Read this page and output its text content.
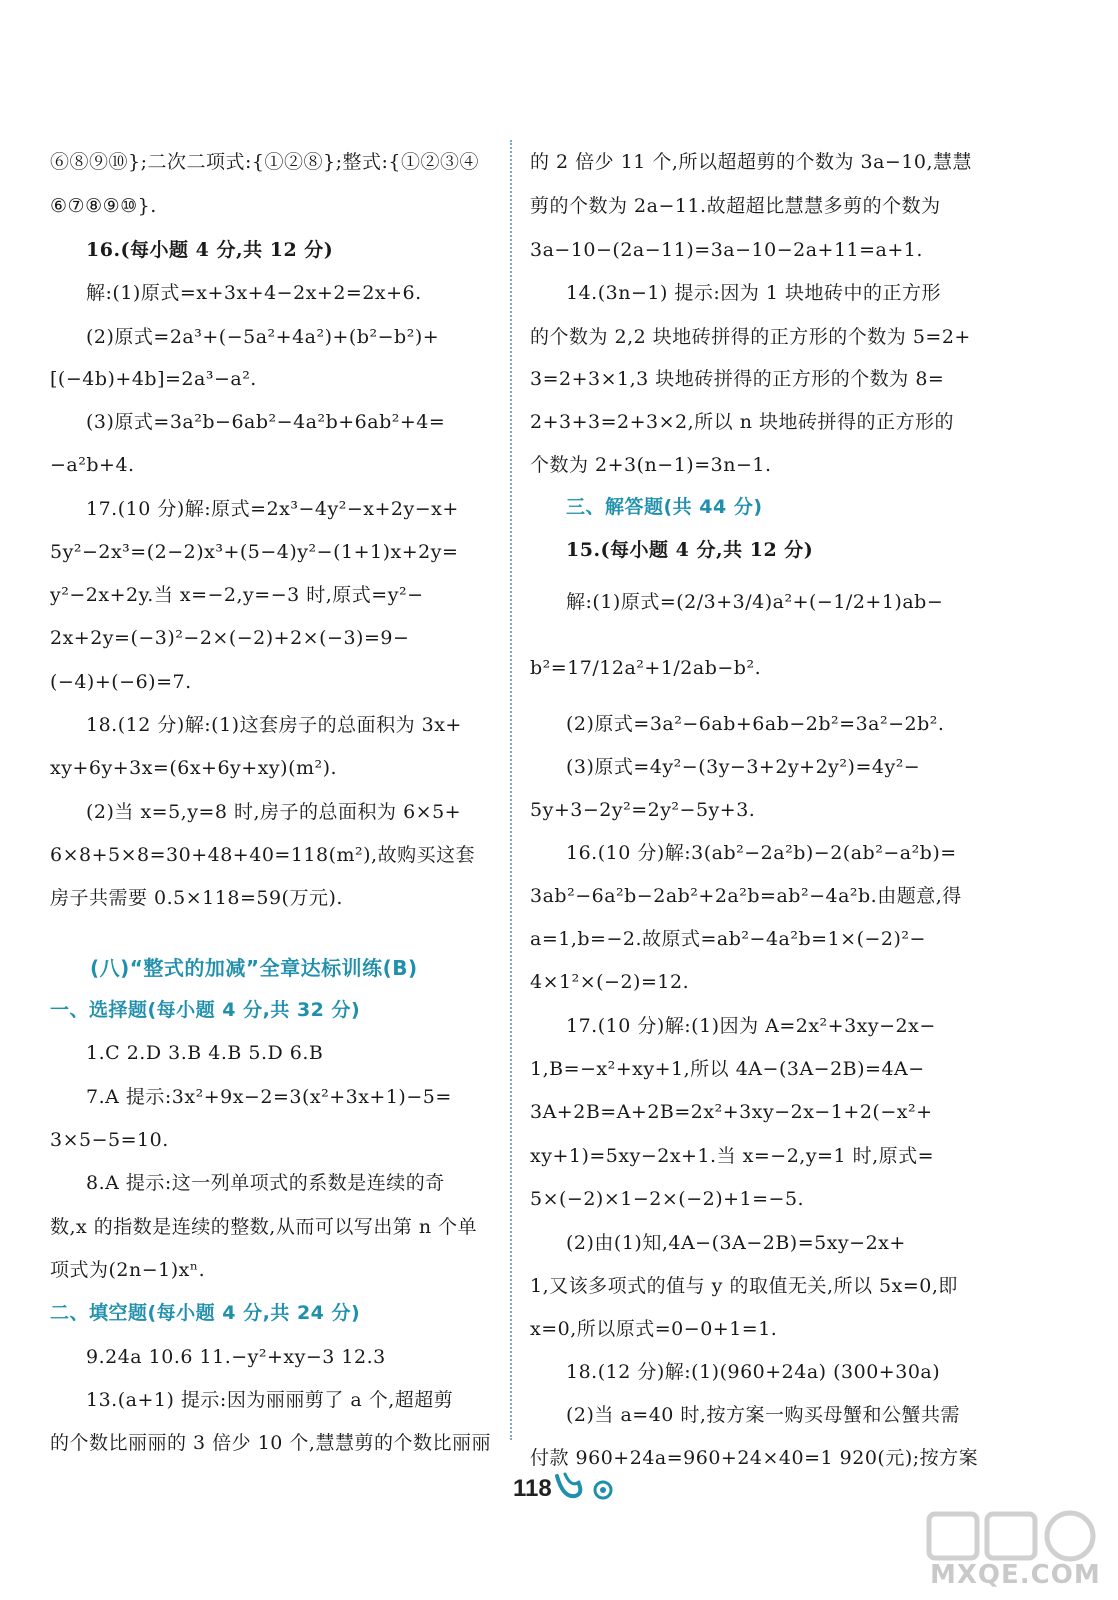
⑥⑧⑨⑩};二次二项式:{①②⑧};整式:{①②③④
⑥⑦⑧⑨⑩}.
16.(每小题 4 分,共 12 分)
解:(1)原式=x+3x+4−2x+2=2x+6.
(2)原式=2a³+(−5a²+4a²)+(b²−b²)+
[(−4b)+4b]=2a³−a².
(3)原式=3a²b−6ab²−4a²b+6ab²+4=
−a²b+4.
17.(10 分)解:原式=2x³−4y²−x+2y−x+
5y²−2x³=(2−2)x³+(5−4)y²−(1+1)x+2y=
y²−2x+2y.当 x=−2,y=−3 时,原式=y²−
2x+2y=(−3)²−2×(−2)+2×(−3)=9−
(−4)+(−6)=7.
18.(12 分)解:(1)这套房子的总面积为 3x+
xy+6y+3x=(6x+6y+xy)(m²).
(2)当 x=5,y=8 时,房子的总面积为 6×5+
6×8+5×8=30+48+40=118(m²),故购买这套
房子共需要 0.5×118=59(万元).
(八)“整式的加减”全章达标训练(B)
一、选择题(每小题 4 分,共 32 分)
1.C 2.D 3.B 4.B 5.D 6.B
7.A 提示:3x²+9x−2=3(x²+3x+1)−5=
3×5−5=10.
8.A 提示:这一列单项式的系数是连续的奇
数,x 的指数是连续的整数,从而可以写出第 n 个单
项式为(2n−1)xⁿ.
二、填空题(每小题 4 分,共 24 分)
9.24a 10.6 11.−y²+xy−3 12.3
13.(a+1) 提示:因为丽丽剪了 a 个,超超剪
的个数比丽丽的 3 倍少 10 个,慧慧剪的个数比丽丽
的 2 倍少 11 个,所以超超剪的个数为 3a−10,慧慧
剪的个数为 2a−11.故超超比慧慧多剪的个数为
3a−10−(2a−11)=3a−10−2a+11=a+1.
14.(3n−1) 提示:因为 1 块地砖中的正方形
的个数为 2,2 块地砖拼得的正方形的个数为 5=2+
3=2+3×1,3 块地砖拼得的正方形的个数为 8=
2+3+3=2+3×2,所以 n 块地砖拼得的正方形的
个数为 2+3(n−1)=3n−1.
三、解答题(共 44 分)
15.(每小题 4 分,共 12 分)
解:(1)原式=(2/3+3/4)a²+(−1/2+1)ab−
b²=17/12a²+1/2ab−b².
(2)原式=3a²−6ab+6ab−2b²=3a²−2b².
(3)原式=4y²−(3y−3+2y+2y²)=4y²−
5y+3−2y²=2y²−5y+3.
16.(10 分)解:3(ab²−2a²b)−2(ab²−a²b)=
3ab²−6a²b−2ab²+2a²b=ab²−4a²b.由题意,得
a=1,b=−2.故原式=ab²−4a²b=1×(−2)²−
4×1²×(−2)=12.
17.(10 分)解:(1)因为 A=2x²+3xy−2x−
1,B=−x²+xy+1,所以 4A−(3A−2B)=4A−
3A+2B=A+2B=2x²+3xy−2x−1+2(−x²+
xy+1)=5xy−2x+1.当 x=−2,y=1 时,原式=
5×(−2)×1−2×(−2)+1=−5.
(2)由(1)知,4A−(3A−2B)=5xy−2x+
1,又该多项式的值与 y 的取值无关,所以 5x=0,即
x=0,所以原式=0−0+1=1.
18.(12 分)解:(1)(960+24a) (300+30a)
(2)当 a=40 时,按方案一购买母蟹和公蟹共需
付款 960+24a=960+24×40=1 920(元);按方案
118
MXQE.COM
